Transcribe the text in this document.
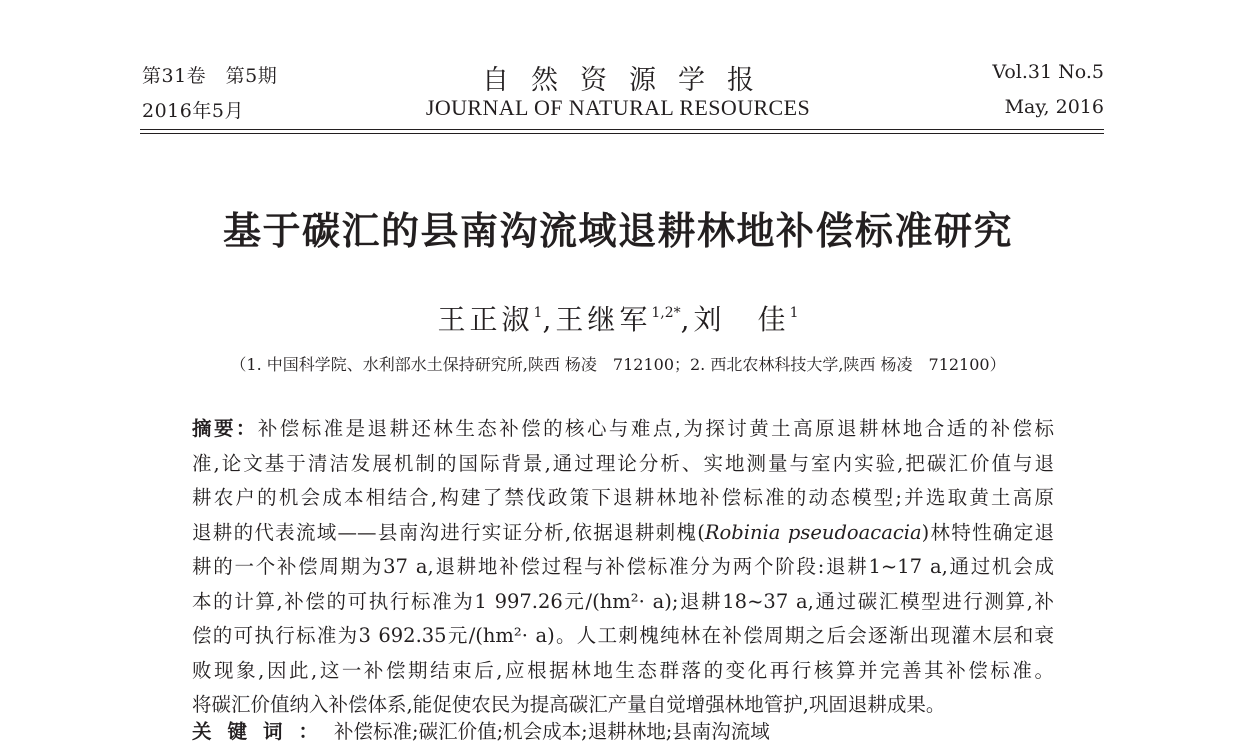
第31卷　第5期
2016年5月
自然资源学报
JOURNAL OF NATURAL RESOURCES
Vol.31 No.5
May, 2016
基于碳汇的县南沟流域退耕林地补偿标准研究
王正淑$^1$,王继军$^{1,2*}$,刘　佳$^1$
（1. 中国科学院、水利部水土保持研究所,陕西 杨凌　712100；2. 西北农林科技大学,陕西 杨凌　712100）
摘要：补偿标准是退耕还林生态补偿的核心与难点,为探讨黄土高原退耕林地合适的补偿标
准,论文基于清洁发展机制的国际背景,通过理论分析、实地测量与室内实验,把碳汇价值与退
耕农户的机会成本相结合,构建了禁伐政策下退耕林地补偿标准的动态模型;并选取黄土高原
退耕的代表流域——县南沟进行实证分析,依据退耕刺槐(Robinia pseudoacacia)林特性确定退
耕的一个补偿周期为37 a,退耕地补偿过程与补偿标准分为两个阶段:退耕1~17 a,通过机会成
本的计算,补偿的可执行标准为1 997.26元/(hm²· a);退耕18~37 a,通过碳汇模型进行测算,补
偿的可执行标准为3 692.35元/(hm²· a)。人工刺槐纯林在补偿周期之后会逐渐出现灌木层和衰
败现象,因此,这一补偿期结束后,应根据林地生态群落的变化再行核算并完善其补偿标准。
将碳汇价值纳入补偿体系,能促使农民为提高碳汇产量自觉增强林地管护,巩固退耕成果。
关键词：补偿标准;碳汇价值;机会成本;退耕林地;县南沟流域
